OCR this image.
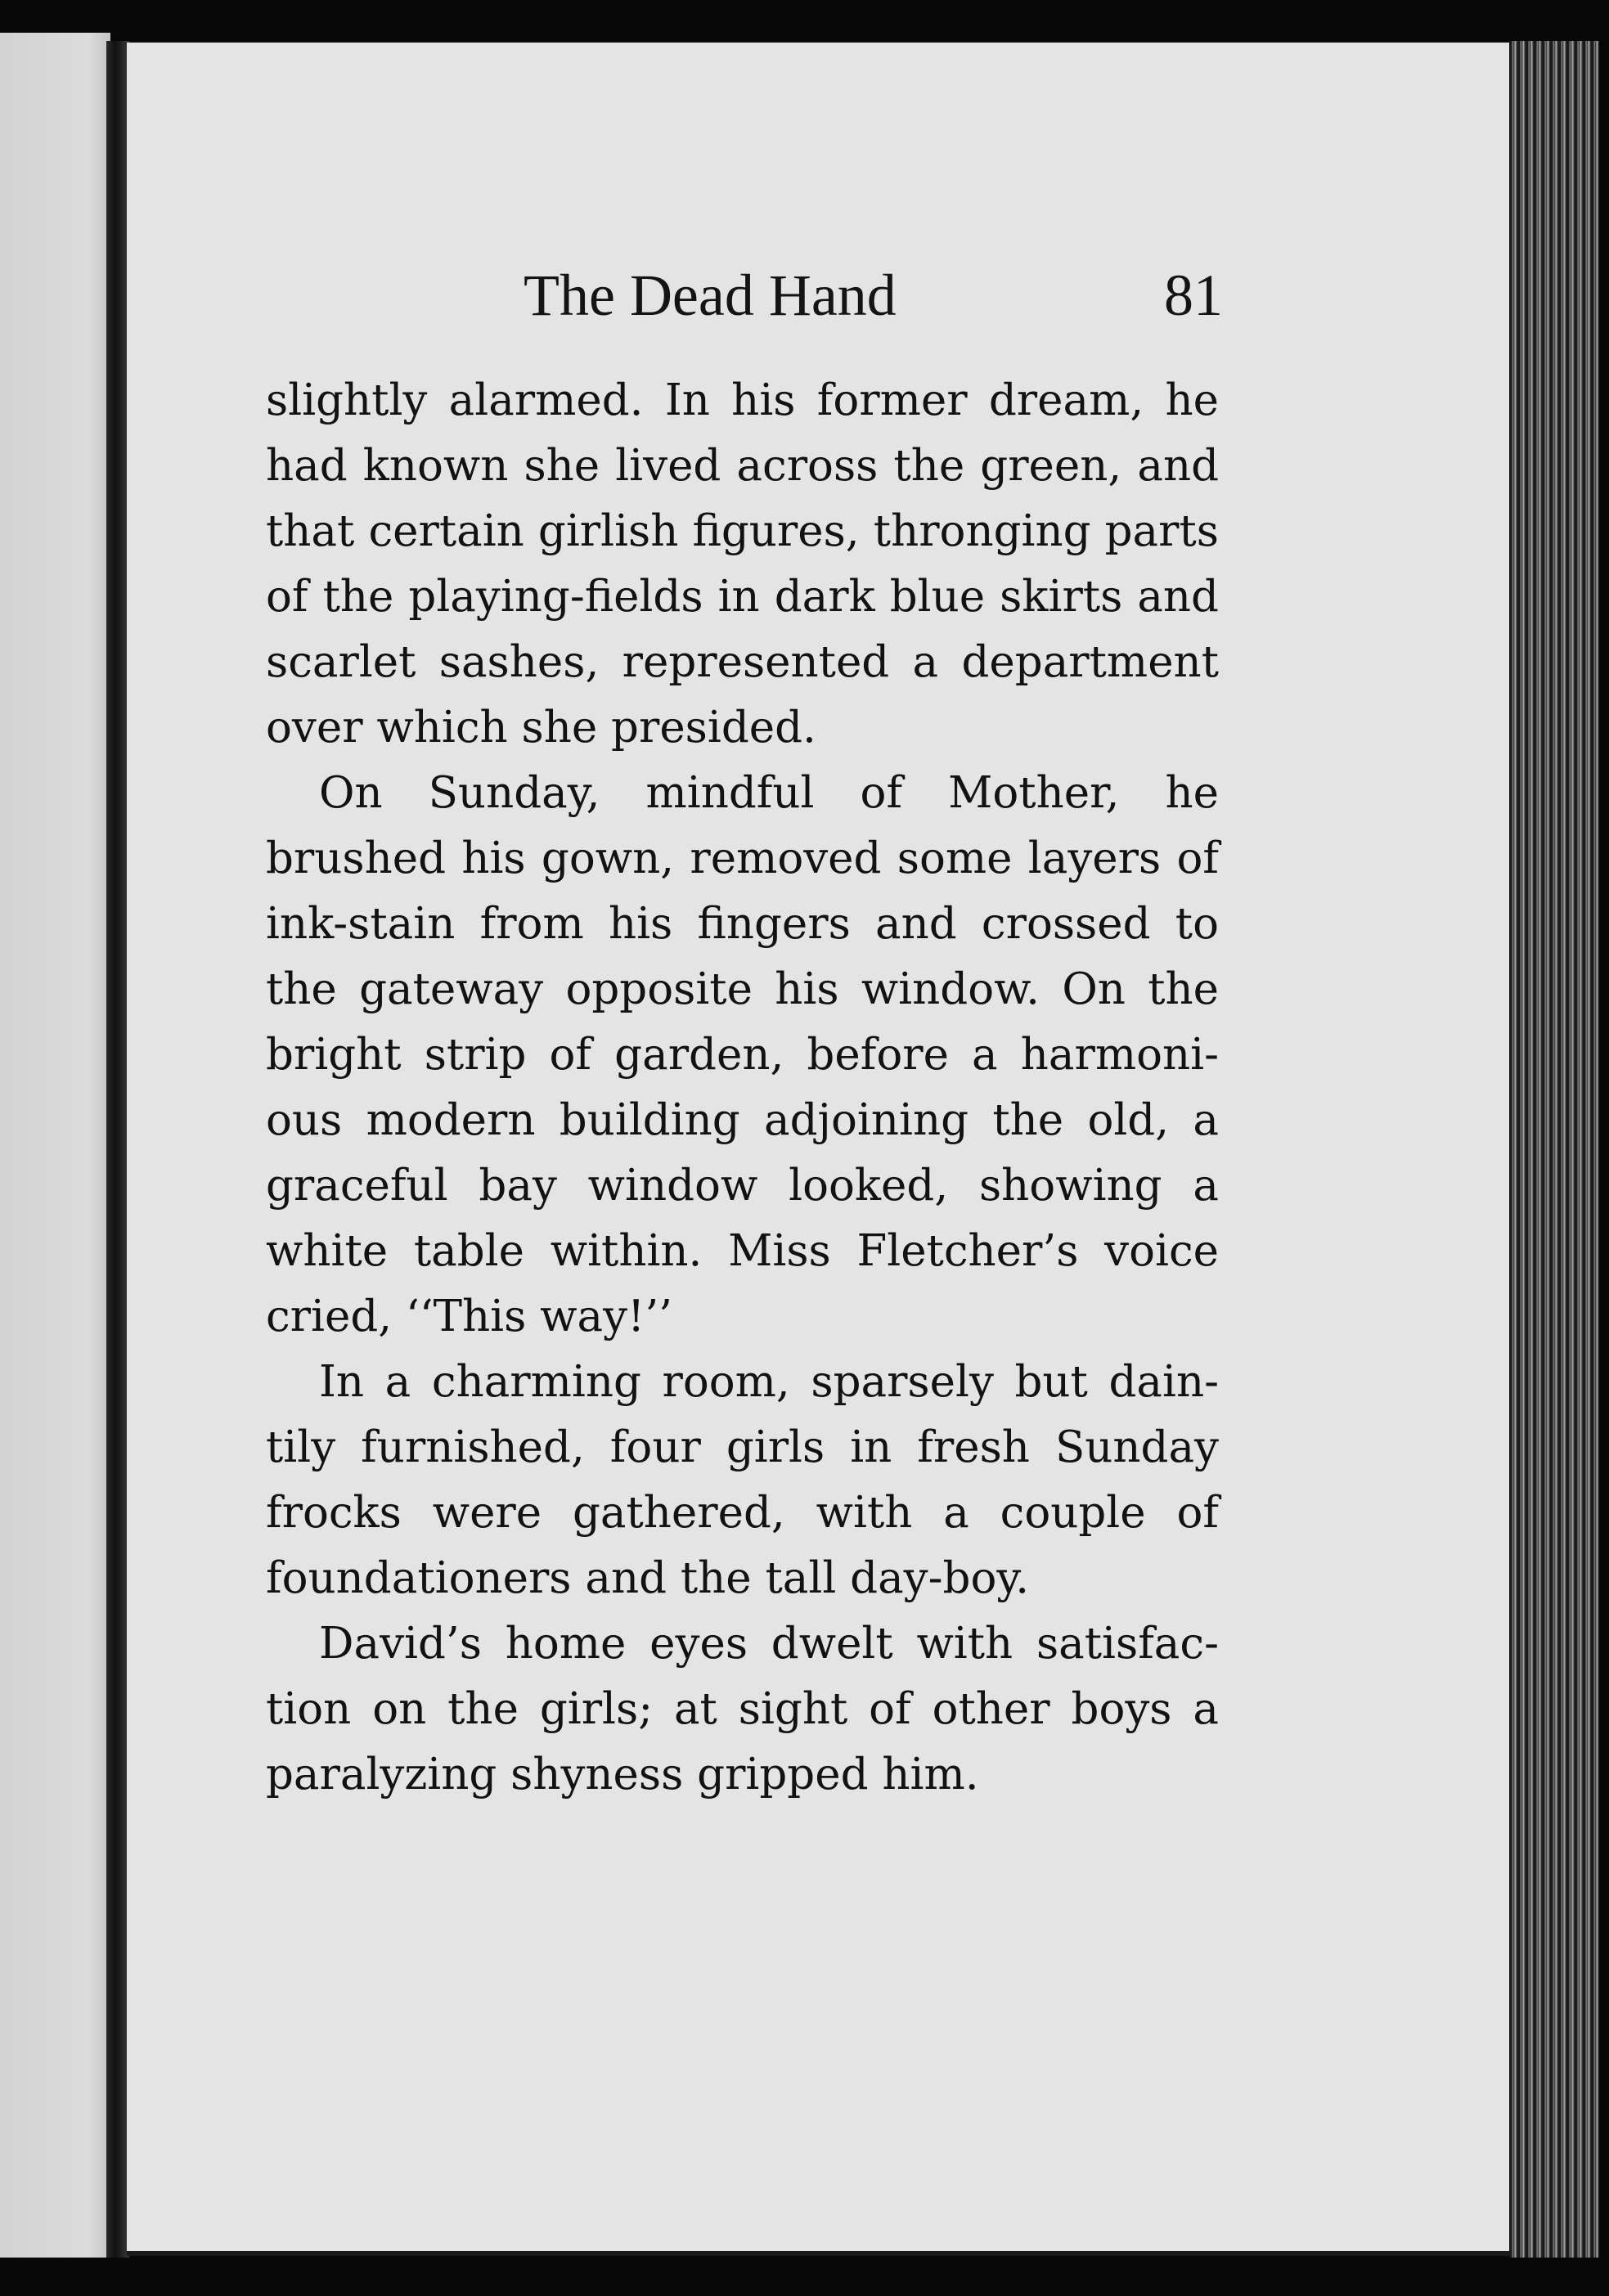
The Dead Hand	81

slightly alarmed. In his former dream, he
had known she lived across the green, and
that certain girlish figures, thronging parts
of the playing-fields in dark blue skirts and
scarlet sashes, represented a department
over which she presided.

On Sunday, mindful of Mother, he
brushed his gown, removed some layers of
ink-stain from his fingers and crossed to
the gateway opposite his window. On the
bright strip of garden, before a harmoni-
ous modern building adjoining the old, a
graceful bay window looked, showing a
white table within. Miss Fletcher’s voice
cried, ‘‘This way!’’

In a charming room, sparsely but dain-
tily furnished, four girls in fresh Sunday
frocks were gathered, with a couple of
foundationers and the tall day-boy.

David’s home eyes dwelt with satisfac-
tion on the girls; at sight of other boys a
paralyzing shyness gripped him.
